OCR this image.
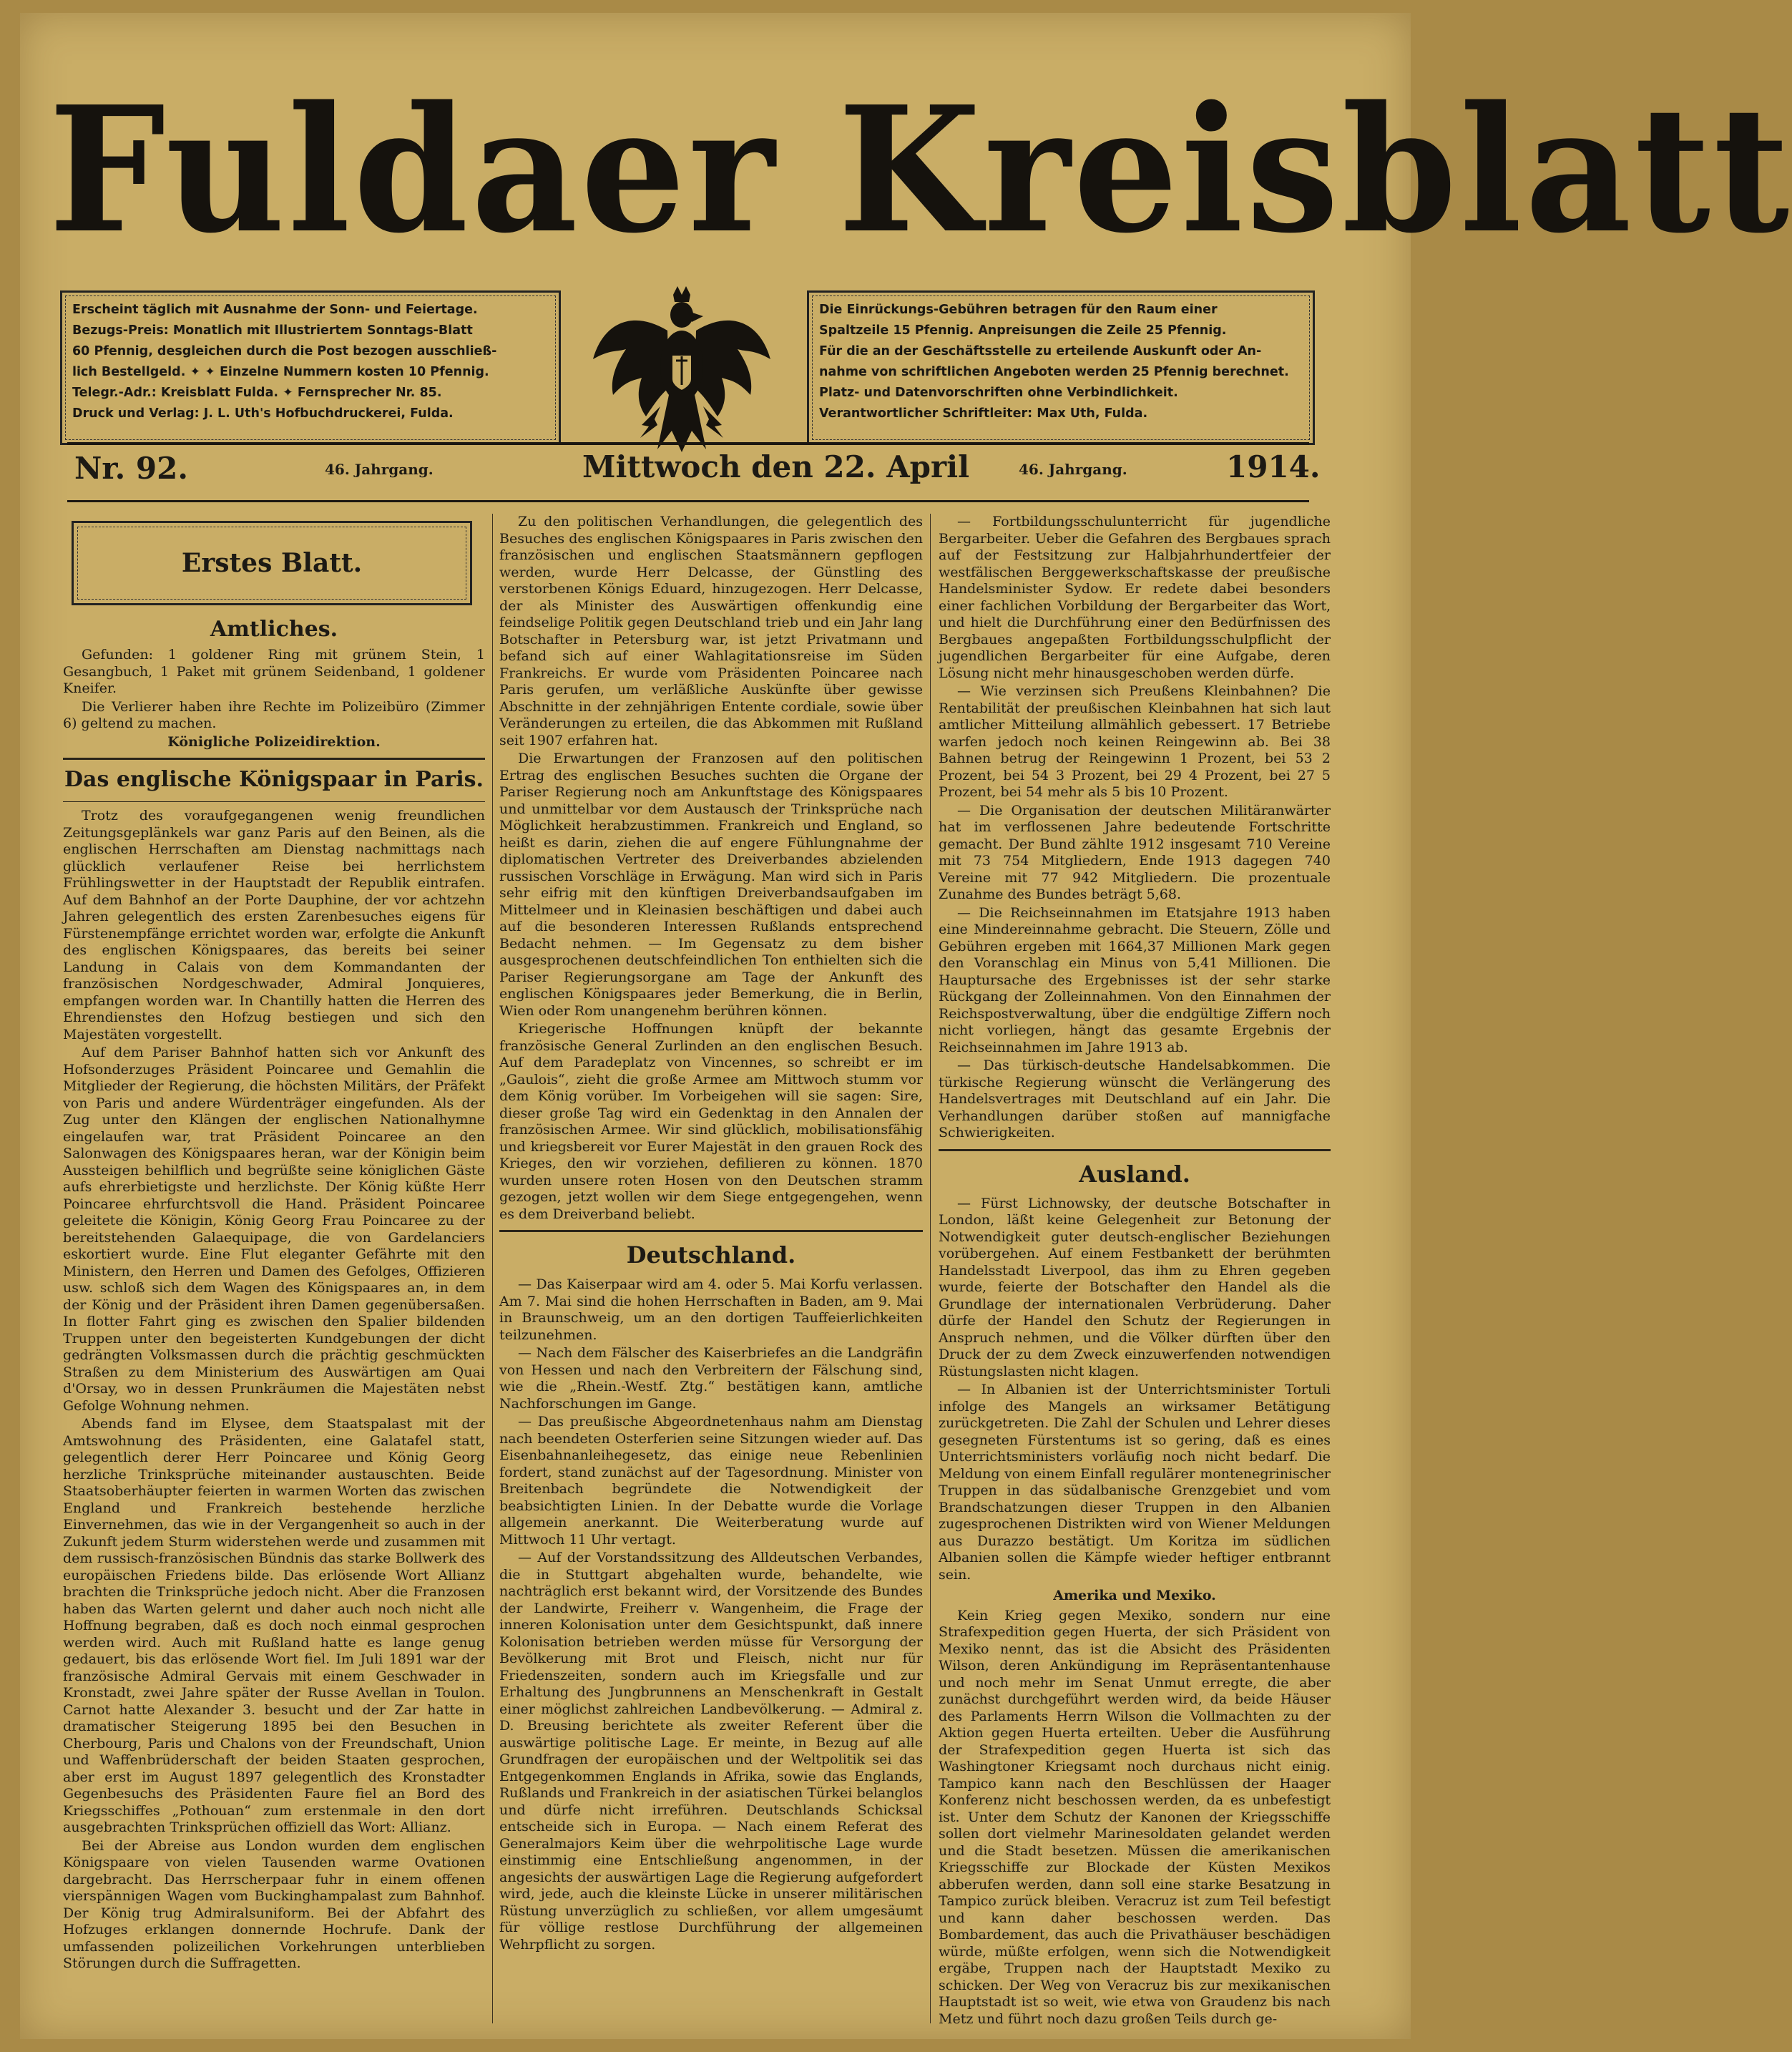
Fuldaer Kreisblatt
Erscheint täglich mit Ausnahme der Sonn- und Feiertage.
Bezugs-Preis: Monatlich mit Illustriertem Sonntags-Blatt
60 Pfennig, desgleichen durch die Post bezogen ausschließ-
lich Bestellgeld. ✦ ✦ Einzelne Nummern kosten 10 Pfennig.
Telegr.-Adr.: Kreisblatt Fulda. ✦ Fernsprecher Nr. 85.
Druck und Verlag: J. L. Uth's Hofbuchdruckerei, Fulda.
Die Einrückungs-Gebühren betragen für den Raum einer
Spaltzeile 15 Pfennig. Anpreisungen die Zeile 25 Pfennig.
Für die an der Geschäftsstelle zu erteilende Auskunft oder An-
nahme von schriftlichen Angeboten werden 25 Pfennig berechnet.
Platz- und Datenvorschriften ohne Verbindlichkeit.
Verantwortlicher Schriftleiter: Max Uth, Fulda.
Nr. 92.	46. Jahrgang.	Mittwoch den 22. April	46. Jahrgang.	1914.
Erstes Blatt.
Amtliches.

Gefunden: 1 goldener Ring mit grünem Stein, 1 Gesangbuch, 1 Paket mit grünem Seidenband, 1 goldener Kneifer.

Die Verlierer haben ihre Rechte im Polizeibüro (Zimmer 6) geltend zu machen.

Königliche Polizeidirektion.
Das englische Königspaar in Paris.

Trotz des voraufgegangenen wenig freundlichen Zeitungsgeplänkels war ganz Paris auf den Beinen, als die englischen Herrschaften am Dienstag nachmittags nach glücklich verlaufener Reise bei herrlichstem Frühlingswetter in der Hauptstadt der Republik eintrafen. Auf dem Bahnhof an der Porte Dauphine, der vor achtzehn Jahren gelegentlich des ersten Zarenbesuches eigens für Fürstenempfänge errichtet worden war, erfolgte die Ankunft des englischen Königspaares, das bereits bei seiner Landung in Calais von dem Kommandanten der französischen Nordgeschwader, Admiral Jonquieres, empfangen worden war. In Chantilly hatten die Herren des Ehrendienstes den Hofzug bestiegen und sich den Majestäten vorgestellt.

Auf dem Pariser Bahnhof hatten sich vor Ankunft des Hofsonderzuges Präsident Poincaree und Gemahlin die Mitglieder der Regierung, die höchsten Militärs, der Präfekt von Paris und andere Würdenträger eingefunden. Als der Zug unter den Klängen der englischen Nationalhymne eingelaufen war, trat Präsident Poincaree an den Salonwagen des Königspaares heran, war der Königin beim Aussteigen behilflich und begrüßte seine königlichen Gäste aufs ehrerbietigste und herzlichste. Der König küßte Herr Poincaree ehrfurchtsvoll die Hand. Präsident Poincaree geleitete die Königin, König Georg Frau Poincaree zu der bereitstehenden Galaequipage, die von Gardelanciers eskortiert wurde. Eine Flut eleganter Gefährte mit den Ministern, den Herren und Damen des Gefolges, Offizieren usw. schloß sich dem Wagen des Königspaares an, in dem der König und der Präsident ihren Damen gegenübersaßen. In flotter Fahrt ging es zwischen den Spalier bildenden Truppen unter den begeisterten Kundgebungen der dicht gedrängten Volksmassen durch die prächtig geschmückten Straßen zu dem Ministerium des Auswärtigen am Quai d'Orsay, wo in dessen Prunkräumen die Majestäten nebst Gefolge Wohnung nehmen.

Abends fand im Elysee, dem Staatspalast mit der Amtswohnung des Präsidenten, eine Galatafel statt, gelegentlich derer Herr Poincaree und König Georg herzliche Trinksprüche miteinander austauschten. Beide Staatsoberhäupter feierten in warmen Worten das zwischen England und Frankreich bestehende herzliche Einvernehmen, das wie in der Vergangenheit so auch in der Zukunft jedem Sturm widerstehen werde und zusammen mit dem russisch-französischen Bündnis das starke Bollwerk des europäischen Friedens bilde. Das erlösende Wort Allianz brachten die Trinksprüche jedoch nicht. Aber die Franzosen haben das Warten gelernt und daher auch noch nicht alle Hoffnung begraben, daß es doch noch einmal gesprochen werden wird. Auch mit Rußland hatte es lange genug gedauert, bis das erlösende Wort fiel. Im Juli 1891 war der französische Admiral Gervais mit einem Geschwader in Kronstadt, zwei Jahre später der Russe Avellan in Toulon. Carnot hatte Alexander 3. besucht und der Zar hatte in dramatischer Steigerung 1895 bei den Besuchen in Cherbourg, Paris und Chalons von der Freundschaft, Union und Waffenbrüderschaft der beiden Staaten gesprochen, aber erst im August 1897 gelegentlich des Kronstadter Gegenbesuchs des Präsidenten Faure fiel an Bord des Kriegsschiffes „Pothouan“ zum erstenmale in den dort ausgebrachten Trinksprüchen offiziell das Wort: Allianz.

Bei der Abreise aus London wurden dem englischen Königspaare von vielen Tausenden warme Ovationen dargebracht. Das Herrscherpaar fuhr in einem offenen vierspännigen Wagen vom Buckinghampalast zum Bahnhof. Der König trug Admiralsuniform. Bei der Abfahrt des Hofzuges erklangen donnernde Hochrufe. Dank der umfassenden polizeilichen Vorkehrungen unterblieben Störungen durch die Suffragetten.

Zu den politischen Verhandlungen, die gelegentlich des Besuches des englischen Königspaares in Paris zwischen den französischen und englischen Staatsmännern gepflogen werden, wurde Herr Delcasse, der Günstling des verstorbenen Königs Eduard, hinzugezogen. Herr Delcasse, der als Minister des Auswärtigen offenkundig eine feindselige Politik gegen Deutschland trieb und ein Jahr lang Botschafter in Petersburg war, ist jetzt Privatmann und befand sich auf einer Wahlagitationsreise im Süden Frankreichs. Er wurde vom Präsidenten Poincaree nach Paris gerufen, um verläßliche Auskünfte über gewisse Abschnitte in der zehnjährigen Entente cordiale, sowie über Veränderungen zu erteilen, die das Abkommen mit Rußland seit 1907 erfahren hat.

Die Erwartungen der Franzosen auf den politischen Ertrag des englischen Besuches suchten die Organe der Pariser Regierung noch am Ankunftstage des Königspaares und unmittelbar vor dem Austausch der Trinksprüche nach Möglichkeit herabzustimmen. Frankreich und England, so heißt es darin, ziehen die auf engere Fühlungnahme der diplomatischen Vertreter des Dreiverbandes abzielenden russischen Vorschläge in Erwägung. Man wird sich in Paris sehr eifrig mit den künftigen Dreiverbandsaufgaben im Mittelmeer und in Kleinasien beschäftigen und dabei auch auf die besonderen Interessen Rußlands entsprechend Bedacht nehmen. — Im Gegensatz zu dem bisher ausgesprochenen deutschfeindlichen Ton enthielten sich die Pariser Regierungsorgane am Tage der Ankunft des englischen Königspaares jeder Bemerkung, die in Berlin, Wien oder Rom unangenehm berühren können.

Kriegerische Hoffnungen knüpft der bekannte französische General Zurlinden an den englischen Besuch. Auf dem Paradeplatz von Vincennes, so schreibt er im „Gaulois“, zieht die große Armee am Mittwoch stumm vor dem König vorüber. Im Vorbeigehen will sie sagen: Sire, dieser große Tag wird ein Gedenktag in den Annalen der französischen Armee. Wir sind glücklich, mobilisationsfähig und kriegsbereit vor Eurer Majestät in den grauen Rock des Krieges, den wir vorziehen, defilieren zu können. 1870 wurden unsere roten Hosen von den Deutschen stramm gezogen, jetzt wollen wir dem Siege entgegengehen, wenn es dem Dreiverband beliebt.

Deutschland.

— Das Kaiserpaar wird am 4. oder 5. Mai Korfu verlassen. Am 7. Mai sind die hohen Herrschaften in Baden, am 9. Mai in Braunschweig, um an den dortigen Tauffeierlichkeiten teilzunehmen.

— Nach dem Fälscher des Kaiserbriefes an die Landgräfin von Hessen und nach den Verbreitern der Fälschung sind, wie die „Rhein.-Westf. Ztg.“ bestätigen kann, amtliche Nachforschungen im Gange.

— Das preußische Abgeordnetenhaus nahm am Dienstag nach beendeten Osterferien seine Sitzungen wieder auf. Das Eisenbahnanleihegesetz, das einige neue Rebenlinien fordert, stand zunächst auf der Tagesordnung. Minister von Breitenbach begründete die Notwendigkeit der beabsichtigten Linien. In der Debatte wurde die Vorlage allgemein anerkannt. Die Weiterberatung wurde auf Mittwoch 11 Uhr vertagt.

— Auf der Vorstandssitzung des Alldeutschen Verbandes, die in Stuttgart abgehalten wurde, behandelte, wie nachträglich erst bekannt wird, der Vorsitzende des Bundes der Landwirte, Freiherr v. Wangenheim, die Frage der inneren Kolonisation unter dem Gesichtspunkt, daß innere Kolonisation betrieben werden müsse für Versorgung der Bevölkerung mit Brot und Fleisch, nicht nur für Friedenszeiten, sondern auch im Kriegsfalle und zur Erhaltung des Jungbrunnens an Menschenkraft in Gestalt einer möglichst zahlreichen Landbevölkerung. — Admiral z. D. Breusing berichtete als zweiter Referent über die auswärtige politische Lage. Er meinte, in Bezug auf alle Grundfragen der europäischen und der Weltpolitik sei das Entgegenkommen Englands in Afrika, sowie das Englands, Rußlands und Frankreich in der asiatischen Türkei belanglos und dürfe nicht irreführen. Deutschlands Schicksal entscheide sich in Europa. — Nach einem Referat des Generalmajors Keim über die wehrpolitische Lage wurde einstimmig eine Entschließung angenommen, in der angesichts der auswärtigen Lage die Regierung aufgefordert wird, jede, auch die kleinste Lücke in unserer militärischen Rüstung unverzüglich zu schließen, vor allem umgesäumt für völlige restlose Durchführung der allgemeinen Wehrpflicht zu sorgen.

— Fortbildungsschulunterricht für jugendliche Bergarbeiter. Ueber die Gefahren des Bergbaues sprach auf der Festsitzung zur Halbjahrhundertfeier der westfälischen Berggewerkschaftskasse der preußische Handelsminister Sydow. Er redete dabei besonders einer fachlichen Vorbildung der Bergarbeiter das Wort, und hielt die Durchführung einer den Bedürfnissen des Bergbaues angepaßten Fortbildungsschulpflicht der jugendlichen Bergarbeiter für eine Aufgabe, deren Lösung nicht mehr hinausgeschoben werden dürfe.

— Wie verzinsen sich Preußens Kleinbahnen? Die Rentabilität der preußischen Kleinbahnen hat sich laut amtlicher Mitteilung allmählich gebessert. 17 Betriebe warfen jedoch noch keinen Reingewinn ab. Bei 38 Bahnen betrug der Reingewinn 1 Prozent, bei 53 2 Prozent, bei 54 3 Prozent, bei 29 4 Prozent, bei 27 5 Prozent, bei 54 mehr als 5 bis 10 Prozent.

— Die Organisation der deutschen Militäranwärter hat im verflossenen Jahre bedeutende Fortschritte gemacht. Der Bund zählte 1912 insgesamt 710 Vereine mit 73 754 Mitgliedern, Ende 1913 dagegen 740 Vereine mit 77 942 Mitgliedern. Die prozentuale Zunahme des Bundes beträgt 5,68.

— Die Reichseinnahmen im Etatsjahre 1913 haben eine Mindereinnahme gebracht. Die Steuern, Zölle und Gebühren ergeben mit 1664,37 Millionen Mark gegen den Voranschlag ein Minus von 5,41 Millionen. Die Hauptursache des Ergebnisses ist der sehr starke Rückgang der Zolleinnahmen. Von den Einnahmen der Reichspostverwaltung, über die endgültige Ziffern noch nicht vorliegen, hängt das gesamte Ergebnis der Reichseinnahmen im Jahre 1913 ab.

— Das türkisch-deutsche Handelsabkommen. Die türkische Regierung wünscht die Verlängerung des Handelsvertrages mit Deutschland auf ein Jahr. Die Verhandlungen darüber stoßen auf mannigfache Schwierigkeiten.

Ausland.

— Fürst Lichnowsky, der deutsche Botschafter in London, läßt keine Gelegenheit zur Betonung der Notwendigkeit guter deutsch-englischer Beziehungen vorübergehen. Auf einem Festbankett der berühmten Handelsstadt Liverpool, das ihm zu Ehren gegeben wurde, feierte der Botschafter den Handel als die Grundlage der internationalen Verbrüderung. Daher dürfe der Handel den Schutz der Regierungen in Anspruch nehmen, und die Völker dürften über den Druck der zu dem Zweck einzuwerfenden notwendigen Rüstungslasten nicht klagen.

— In Albanien ist der Unterrichtsminister Tortuli infolge des Mangels an wirksamer Betätigung zurückgetreten. Die Zahl der Schulen und Lehrer dieses gesegneten Fürstentums ist so gering, daß es eines Unterrichtsministers vorläufig noch nicht bedarf. Die Meldung von einem Einfall regulärer montenegrinischer Truppen in das südalbanische Grenzgebiet und vom Brandschatzungen dieser Truppen in den Albanien zugesprochenen Distrikten wird von Wiener Meldungen aus Durazzo bestätigt. Um Koritza im südlichen Albanien sollen die Kämpfe wieder heftiger entbrannt sein.

Amerika und Mexiko.

Kein Krieg gegen Mexiko, sondern nur eine Strafexpedition gegen Huerta, der sich Präsident von Mexiko nennt, das ist die Absicht des Präsidenten Wilson, deren Ankündigung im Repräsentantenhause und noch mehr im Senat Unmut erregte, die aber zunächst durchgeführt werden wird, da beide Häuser des Parlaments Herrn Wilson die Vollmachten zu der Aktion gegen Huerta erteilten. Ueber die Ausführung der Strafexpedition gegen Huerta ist sich das Washingtoner Kriegsamt noch durchaus nicht einig. Tampico kann nach den Beschlüssen der Haager Konferenz nicht beschossen werden, da es unbefestigt ist. Unter dem Schutz der Kanonen der Kriegsschiffe sollen dort vielmehr Marinesoldaten gelandet werden und die Stadt besetzen. Müssen die amerikanischen Kriegsschiffe zur Blockade der Küsten Mexikos abberufen werden, dann soll eine starke Besatzung in Tampico zurück bleiben. Veracruz ist zum Teil befestigt und kann daher beschossen werden. Das Bombardement, das auch die Privathäuser beschädigen würde, müßte erfolgen, wenn sich die Notwendigkeit ergäbe, Truppen nach der Hauptstadt Mexiko zu schicken. Der Weg von Veracruz bis zur mexikanischen Hauptstadt ist so weit, wie etwa von Graudenz bis nach Metz und führt noch dazu großen Teils durch ge-
